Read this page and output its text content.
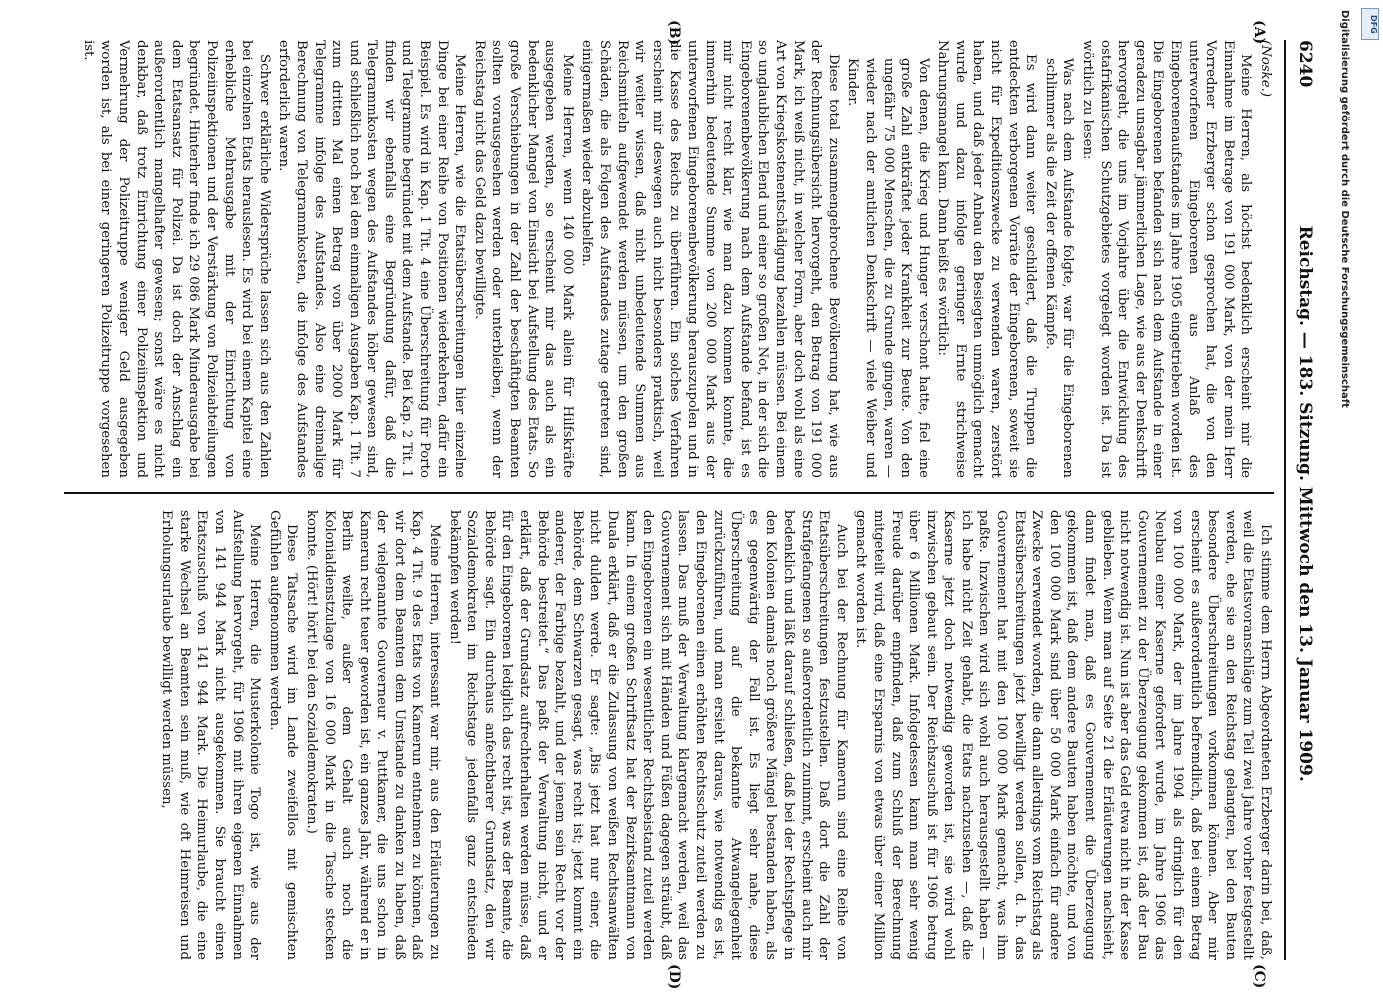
6240
Reichstag. — 183. Sitzung. Mittwoch den 13. Januar 1909.
(A)
(B)
(C)
(D)

(Noske.)

Meine Herren, als höchst bedenklich erscheint mir die Einnahme im Betrage von 191 000 Mark, von der mein Herr Vorredner Erzberger schon gesprochen hat, die von den unterworfenen Eingeborenen aus Anlaß des Eingeborenenaufstandes im Jahre 1905 eingetrieben worden ist. Die Eingeborenen befanden sich nach dem Aufstande in einer geradezu unsagbar jämmerlichen Lage, wie aus der Denkschrift hervorgeht, die uns im Vorjahre über die Entwicklung des ostafrikanischen Schutzgebietes vorgelegt worden ist. Da ist wörtlich zu lesen:

Was nach dem Aufstande folgte, war für die Eingeborenen schlimmer als die Zeit der offenen Kämpfe.

Es wird dann weiter geschildert, daß die Truppen die entdeckten verborgenen Vorräte der Eingeborenen, soweit sie nicht für Expeditionszwecke zu verwenden waren, zerstört haben, und daß jeder Anbau den Besiegten unmöglich gemacht wurde und dazu infolge geringer Ernte strichweise Nahrungsmangel kam. Dann heißt es wörtlich:

Von denen, die Krieg und Hunger verschont hatte, fiel eine große Zahl entkräftet jeder Krankheit zur Beute. Von den ungefähr 75 000 Menschen, die zu Grunde gingen, waren — wieder nach der amtlichen Denkschrift — viele Weiber und Kinder.

Diese total zusammengebrochene Bevölkerung hat, wie aus der Rechnungsübersicht hervorgeht, den Betrag von 191 000 Mark, ich weiß nicht, in welcher Form, aber doch wohl als eine Art von Kriegskostenentschädigung bezahlen müssen. Bei einem so unglaublichen Elend und einer so großen Not, in der sich die Eingeborenenbevölkerung nach dem Aufstande befand, ist es mir nicht recht klar, wie man dazu kommen konnte, die immerhin bedeutende Summe von 200 000 Mark aus der unterworfenen Eingeborenenbevölkerung herauszupolen und in die Kasse des Reichs zu überführen. Ein solches Verfahren erscheint mir deswegen auch nicht besonders praktisch, weil wir weiter wissen, daß nicht unbedeutende Summen aus Reichsmitteln aufgewendet werden müssen, um den großen Schäden, die als Folgen des Aufstandes zutage getreten sind, einigermaßen wieder abzuhelfen.

Meine Herren, wenn 140 000 Mark allein für Hilfskräfte ausgegeben werden, so erscheint mir das auch als ein bedenklicher Mangel von Einsicht bei Aufstellung des Etats. So große Verschiebungen in der Zahl der beschäftigten Beamten sollten vorausgesehen werden oder unterbleiben, wenn der Reichstag nicht das Geld dazu bewilligte.

Meine Herren, wie die Etatsüberschreitungen hier einzelne Dinge bei einer Reihe von Positionen wiederkehren, dafür ein Beispiel. Es wird in Kap. 1 Tit. 4 eine Überschreitung für Porto und Telegramme begründet mit dem Aufstande. Bei Kap. 2 Tit. 1 finden wir ebenfalls eine Begründung dafür, daß die Telegrammkosten wegen des Aufstandes höher gewesen sind, und schließlich noch bei dem einmaligen Ausgaben Kap. 1 Tit. 7 zum dritten Mal einen Betrag von über 2000 Mark für Telegramme infolge des Aufstandes. Also eine dreimalige Berechnung von Telegrammkosten, die infolge des Aufstandes erforderlich waren.

Schwer erklärliche Widersprüche lassen sich aus den Zahlen bei einzelnen Etats herauslesen. Es wird bei einem Kapitel eine erhebliche Mehrausgabe mit der Einrichtung von Polizeiinspektionen und der Verstärkung von Polizeiabteilungen begründet. Hinterher finde ich 29 086 Mark Minderausgabe bei dem Etatsansatz für Polizei. Da ist doch der Anschlag ein außerordentlich mangelhafter gewesen; sonst wäre es nicht denkbar, daß trotz Einrichtung einer Polizeiinspektion und Vermehrung der Polizeitruppe weniger Geld ausgegeben worden ist, als bei einer geringeren Polizeitruppe vorgesehen ist.

Ich stimme dem Herrn Abgeordneten Erzberger darin bei, daß, weil die Etatsvoranschläge zum Teil zwei Jahre vorher festgestellt werden, ehe sie an den Reichstag gelangten, bei den Bauten besondere Überschreitungen vorkommen können. Aber mir erscheint es außerordentlich befremdlich, daß bei einem Betrag von 100 000 Mark, der im Jahre 1904 als dringlich für den Neubau einer Kaserne gefordert wurde, im Jahre 1906 das Gouvernement zu der Überzeugung gekommen ist, daß der Bau nicht notwendig ist. Nun ist aber das Geld etwa nicht in der Kasse geblieben. Wenn man auf Seite 21 die Erläuterungen nachsieht, dann findet man, daß es Gouvernement die Überzeugung gekommen ist, daß dem andere Bauten haben möchte, und von den 100 000 Mark sind über 50 000 Mark einfach für andere Zwecke verwendet worden, die dann allerdings vom Reichstag als Etatsüberschreitungen jetzt bewilligt werden sollen, d. h. das Gouvernement hat mit den 100 000 Mark gemacht, was ihm paßte. Inzwischen wird sich wohl auch herausgestellt haben — ich habe nicht Zeit gehabt, die Etats nachzusehen —, daß die Kaserne jetzt doch notwendig geworden ist, sie wird wohl inzwischen gebaut sein. Der Reichszuschuß ist für 1906 betrug über 6 Millionen Mark. Infolgedessen kann man sehr wenig Freude darüber empfinden, daß zum Schluß der Berechnung mitgeteilt wird, daß eine Ersparnis von etwas über einer Million gemacht worden ist.

Auch bei der Rechnung für Kamerun sind eine Reihe von Etatsüberschreitungen festzustellen. Daß dort die Zahl der Strafgefangenen so außerordentlich zunimmt, erscheint auch mir bedenklich und läßt darauf schließen, daß bei der Rechtspflege in den Kolonien damals noch größere Mängel bestanden haben, als es gegenwärtig der Fall ist. Es liegt sehr nahe, diese Überschreitung auf die bekannte Atwangelegenheit zurückzuführen, und man ersieht daraus, wie notwendig es ist, den Eingeborenen einen erhöhten Rechtsschutz zuteil werden zu lassen. Das muß der Verwaltung klargemacht werden, weil das Gouvernement sich mit Händen und Füßen dagegen sträubt, daß den Eingeborenen ein wesentlicher Rechtsbeistand zuteil werden kann. In einem großen Schriftsatz hat der Bezirksamtmann von Duala erklärt, daß er die Zulassung von weißen Rechtsanwälten nicht dulden werde. Er sagte: „Bis jetzt hat nur einer, die Behörde, dem Schwarzen gesagt, was recht ist; jetzt kommt ein anderer, der Farbige bezahlt, und der jenem sein Recht vor der Behörde bestreitet.“ Das paßt der Verwaltung nicht, und er erklärt, daß der Grundsatz aufrechterhalten werden müsse, daß für den Eingeborenen lediglich das recht ist, was der Beamte, die Behörde sagt. Ein durchaus anfechtbarer Grundsatz, den wir Sozialdemokraten im Reichstage jedenfalls ganz entschieden bekämpfen werden!

Meine Herren, interessant war mir, aus den Erläuterungen zu Kap. 4 Tit. 9 des Etats von Kamerun entnehmen zu können, daß wir dort dem Beamten dem Umstande zu danken zu haben, daß der vielgenannte Gouverneur v. Puttkamer, die uns schon in Kamerun recht teuer geworden ist, ein ganzes Jahr, während er in Berlin weilte, außer dem Gehalt auch noch die Kolonialdienstzulage von 16 000 Mark in die Tasche stecken konnte. (Hört! hört! bei den Sozialdemokraten.)

Diese Tatsache wird im Lande zweifellos mit gemischten Gefühlen aufgenommen werden.

Meine Herren, die Musterkolonie Togo ist, wie aus der Aufstellung hervorgeht, für 1906 mit ihren eigenen Einnahmen von 141 944 Mark nicht ausgekommen. Sie braucht einen Etatszuschuß von 141 944 Mark. Die Heimurlaube, die eine starke Wechsel an Beamten sein muß, wie oft Heimreisen und Erholungsurlaube bewilligt werden müssen,

Digitalisierung gefördert durch die Deutsche Forschungsgemeinschaft	DFG
